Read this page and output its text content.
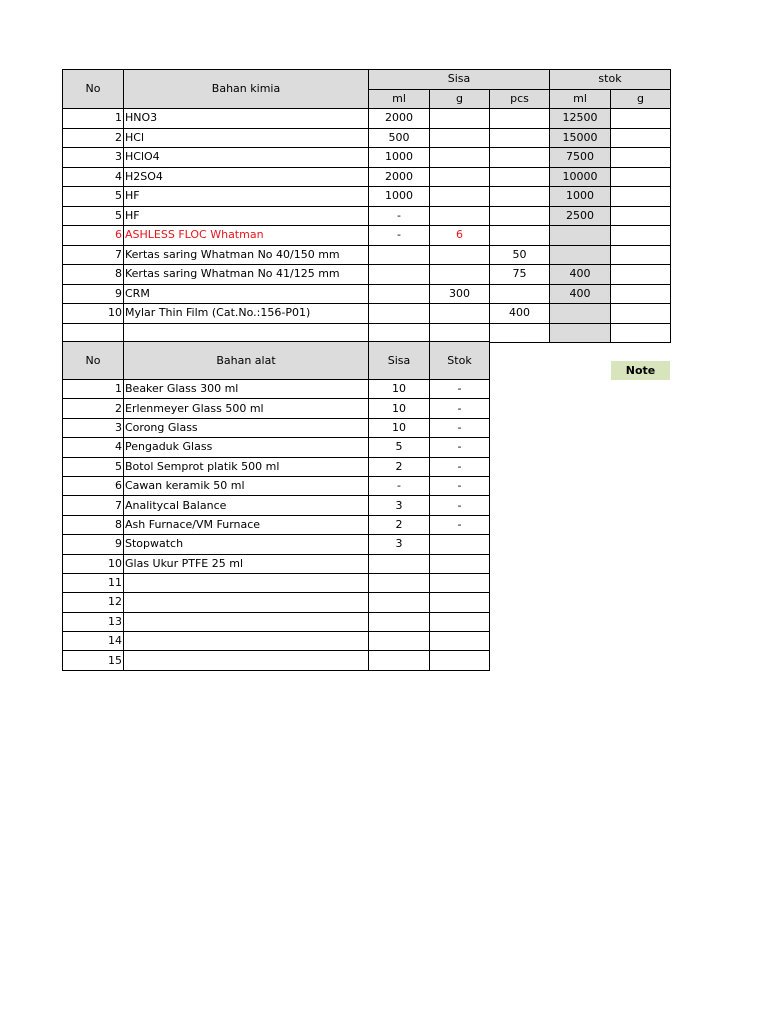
No	Bahan kimia	Sisa			stok	
		ml	g	pcs	ml	g
1	HNO3	2000			12500	
2	HCl	500			15000	
3	HClO4	1000			7500	
4	H2SO4	2000			10000	
5	HF	1000			1000	
5	HF	-			2500	
6	ASHLESS FLOC Whatman	-	6			
7	Kertas saring Whatman No 40/150 mm			50		
8	Kertas saring Whatman No 41/125 mm			75	400	
9	CRM		300		400	
10	Mylar Thin Film (Cat.No.:156-P01)			400		

No	Bahan alat	Sisa	Stok
1	Beaker Glass 300 ml	10	-
2	Erlenmeyer Glass 500 ml	10	-
3	Corong Glass	10	-
4	Pengaduk Glass	5	-
5	Botol Semprot platik 500 ml	2	-
6	Cawan keramik 50 ml	-	-
7	Analitycal Balance	3	-
8	Ash Furnace/VM Furnace	2	-
9	Stopwatch	3	
10	Glas Ukur PTFE 25 ml		
11			
12			
13			
14			
15			
Note
